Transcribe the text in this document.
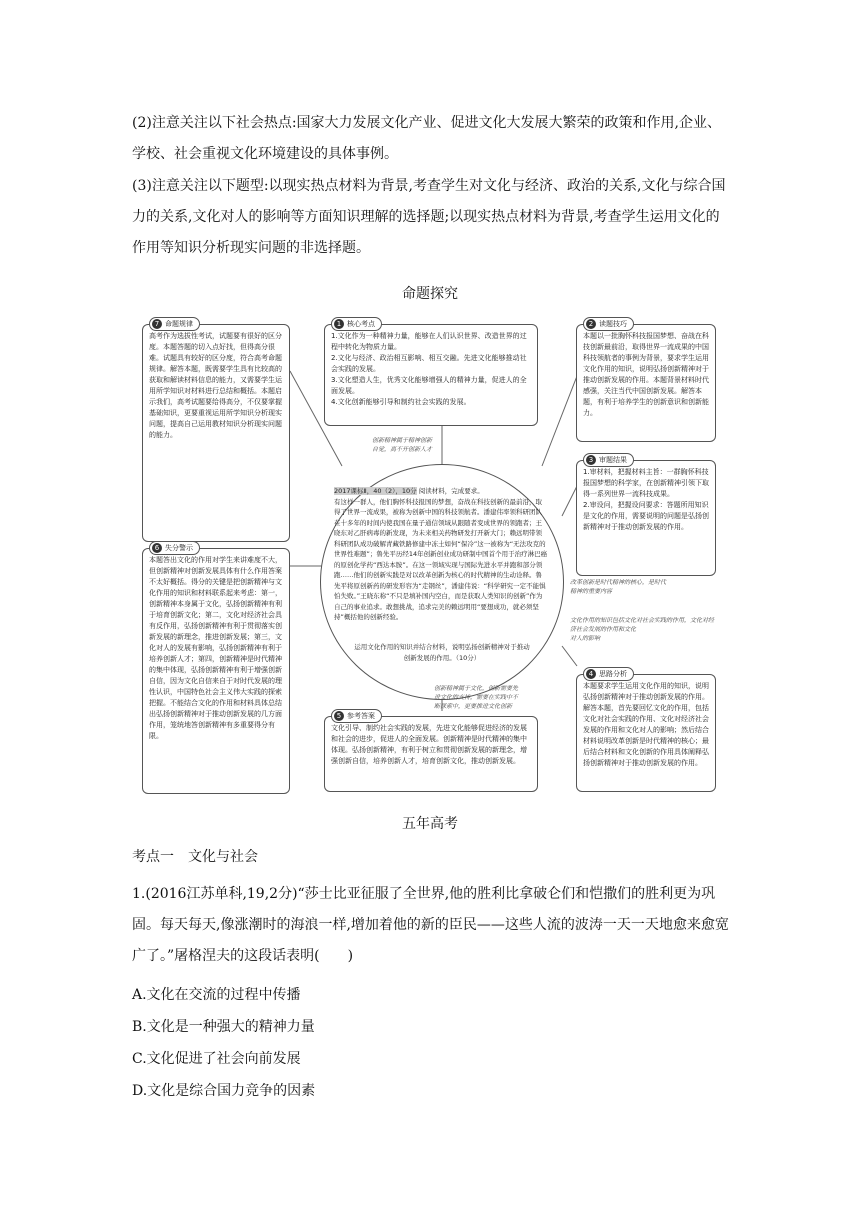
(2)注意关注以下社会热点:国家大力发展文化产业、促进文化大发展大繁荣的政策和作用,企业、学校、社会重视文化环境建设的具体事例。

(3)注意关注以下题型:以现实热点材料为背景,考查学生对文化与经济、政治的关系,文化与综合国力的关系,文化对人的影响等方面知识理解的选择题;以现实热点材料为背景,考查学生运用文化的作用等知识分析现实问题的非选择题。

命题探究
7 命题规律

高考作为选拔性考试，试题要有很好的区分度。本题答题的切入点好找，但得高分很难。试题具有较好的区分度，符合高考命题规律。解答本题，既需要学生具有比较高的获取和解读材料信息的能力，又需要学生运用所学知识对材料进行总结和概括。本题启示我们，高考试题要给得高分，不仅要掌握基础知识，更要重视运用所学知识分析现实问题，提高自己运用教材知识分析现实问题的能力。

1 核心考点

1.文化作为一种精神力量，能够在人们认识世界、改造世界的过程中转化为物质力量。
2.文化与经济、政治相互影响、相互交融。先进文化能够推动社会实践的发展。
3.文化塑造人生，优秀文化能够增强人的精神力量，促进人的全面发展。
4.文化创新能够引导和制约社会实践的发展。

2 读题技巧

本题以一批胸怀科技报国梦想、奋战在科技创新最前沿，取得世界一流成果的中国科技领航者的事例为背景，要求学生运用文化作用的知识，说明弘扬创新精神对于推动创新发展的作用。本题背景材料时代感强，关注当代中国创新发展。解答本题，有利于培养学生的创新意识和创新能力。

3 审题结果

1.审材料，把握材料主旨：一群胸怀科技报国梦想的科学家，在创新精神引领下取得一系列世界一流科技成果。
2.审设问，把握设问要求：答题所用知识是文化的作用，需要说明的问题是弘扬创新精神对于推动创新发展的作用。

6 失分警示

本题答出文化的作用对学生来讲难度不大，但创新精神对创新发展具体有什么作用答案不太好概括。得分的关键是把创新精神与文化作用的知识和材料联系起来考虑：第一，创新精神本身属于文化，弘扬创新精神有利于培育创新文化；第二，文化对经济社会具有反作用，弘扬创新精神有利于贯彻落实创新发展的新理念，推进创新发展；第三，文化对人的发展有影响，弘扬创新精神有利于培养创新人才；第四，创新精神是时代精神的集中体现，弘扬创新精神有利于增强创新自信，因为文化自信来自于对时代发展的理性认识，中国特色社会主义伟大实践的探索把握。不能结合文化的作用和材料具体总结出弘扬创新精神对于推动创新发展的几方面作用，笼统地答创新精神有多重要得分有限。

4 思路分析

本题要求学生运用文化作用的知识，说明弘扬创新精神对于推动创新发展的作用。解答本题，首先要回忆文化的作用，包括文化对社会实践的作用、文化对经济社会发展的作用和文化对人的影响；然后结合材料说明改革创新是时代精神的核心；最后结合材料和文化创新的作用具体阐释弘扬创新精神对于推动创新发展的作用。

5 参考答案

文化引导、制约社会实践的发展，先进文化能够促进经济的发展和社会的进步，促进人的全面发展。创新精神是时代精神的集中体现。弘扬创新精神，有利于树立和贯彻创新发展的新理念，增强创新自信，培养创新人才，培育创新文化，推动创新发展。

2017课标Ⅱ，40（2），10分 阅读材料，完成要求。
有这样一群人，他们胸怀科技报国的梦想，奋战在科技创新的最前沿，取得了世界一流成果，被称为创新中国的科技领航者。潘建伟率领科研团队在十多年的时间内使我国在量子通信领域从跟随者变成世界的领跑者；王晓东对乙肝病毒的新发现，为未来相关药物研发打开新大门；赖远明带领科研团队成功破解青藏铁路修建中冻土如何“保冷”这一被称为“无法攻克的世界性难题”；鲁先平历经14年创新创业成功研制中国首个用于治疗淋巴癌的原创化学药“西达本胺”。在这一领域实现与国际先进水平并跑和部分领跑……他们的创新实践是对以改革创新为核心的时代精神的生动诠释。鲁先平将原创新药的研发形容为“走钢丝”，潘建伟说：“科学研究一定不能惧怕失败。”王晓东称“不只是填补国内空白，而是获取人类知识的创新”作为自己的事业追求。敢想挑战，追求完美的赖远明用“要想成功，就必须坚持”概括他的创新经验。
运用文化作用的知识并结合材料，说明弘扬创新精神对于推动创新发展的作用。（10分）
创新精神属于精神创新
自觉，离不开创新人才
改革创新是时代精神的核心，是时代
精神的重要内容
文化作用的知识包括文化对社会实践的作用，文化对经济社会发展的作用和文化
对人的影响
创新精神属于文化，创新需要先
进文化的支持，需要在实践中不
断探索中，更要推进文化创新
五年高考
考点一　文化与社会

1.(2016江苏单科,19,2分)“莎士比亚征服了全世界,他的胜利比拿破仑们和恺撒们的胜利更为巩固。每天每天,像涨潮时的海浪一样,增加着他的新的臣民——这些人流的波涛一天一天地愈来愈宽广了。”屠格涅夫的这段话表明(　　)

A.文化在交流的过程中传播
B.文化是一种强大的精神力量
C.文化促进了社会向前发展
D.文化是综合国力竞争的因素
